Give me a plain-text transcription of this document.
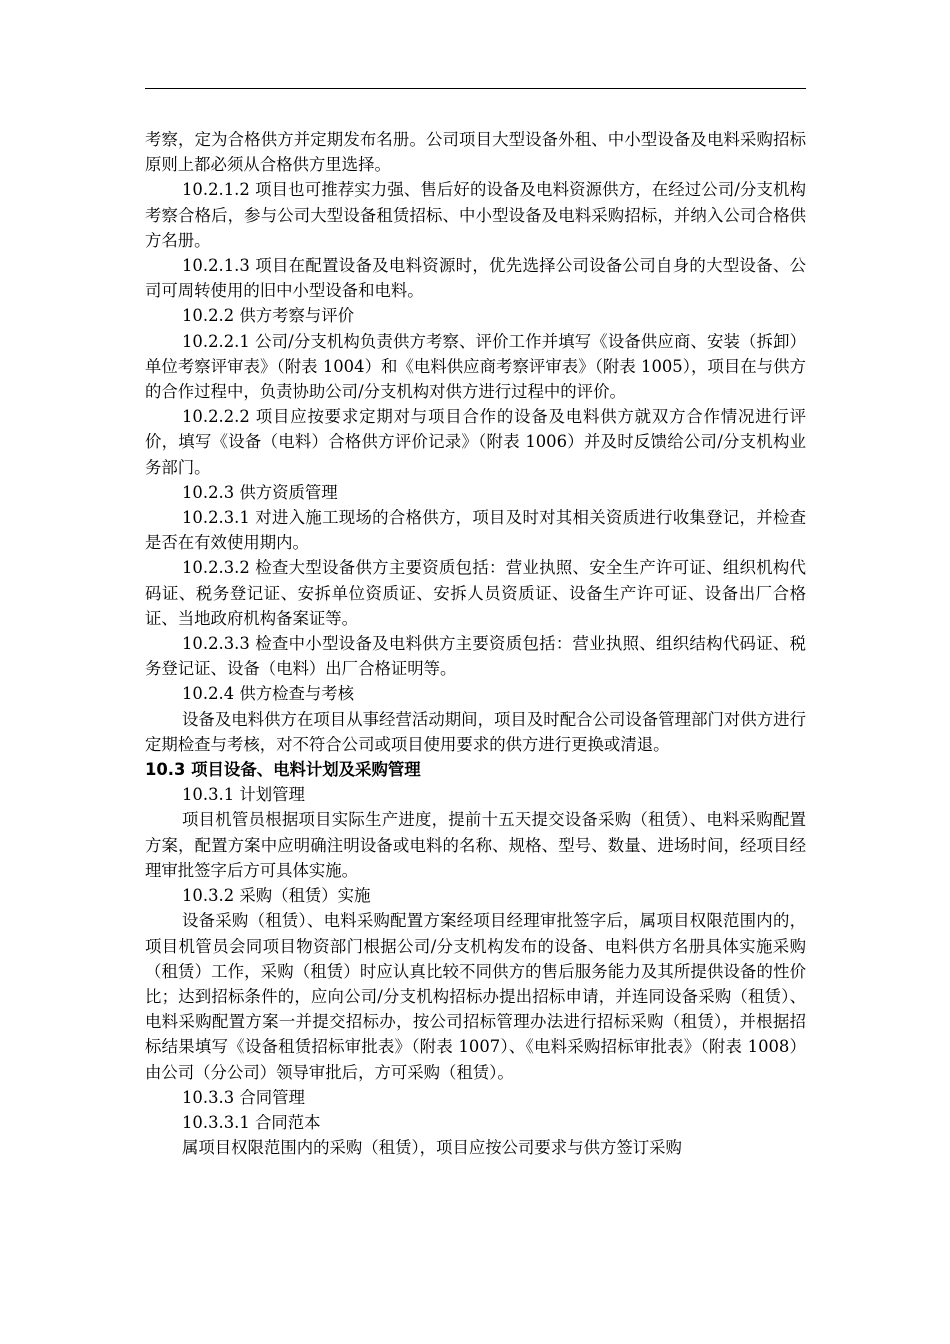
考察，定为合格供方并定期发布名册。公司项目大型设备外租、中小型设备及电料采购招标原则上都必须从合格供方里选择。

10.2.1.2 项目也可推荐实力强、售后好的设备及电料资源供方，在经过公司/分支机构考察合格后，参与公司大型设备租赁招标、中小型设备及电料采购招标，并纳入公司合格供方名册。

10.2.1.3 项目在配置设备及电料资源时，优先选择公司设备公司自身的大型设备、公司可周转使用的旧中小型设备和电料。

10.2.2 供方考察与评价

10.2.2.1 公司/分支机构负责供方考察、评价工作并填写《设备供应商、安装（拆卸）单位考察评审表》（附表 1004）和《电料供应商考察评审表》（附表 1005），项目在与供方的合作过程中，负责协助公司/分支机构对供方进行过程中的评价。

10.2.2.2 项目应按要求定期对与项目合作的设备及电料供方就双方合作情况进行评价，填写《设备（电料）合格供方评价记录》（附表 1006）并及时反馈给公司/分支机构业务部门。

10.2.3 供方资质管理

10.2.3.1 对进入施工现场的合格供方，项目及时对其相关资质进行收集登记，并检查是否在有效使用期内。

10.2.3.2 检查大型设备供方主要资质包括：营业执照、安全生产许可证、组织机构代码证、税务登记证、安拆单位资质证、安拆人员资质证、设备生产许可证、设备出厂合格证、当地政府机构备案证等。

10.2.3.3 检查中小型设备及电料供方主要资质包括：营业执照、组织结构代码证、税务登记证、设备（电料）出厂合格证明等。

10.2.4 供方检查与考核

设备及电料供方在项目从事经营活动期间，项目及时配合公司设备管理部门对供方进行定期检查与考核，对不符合公司或项目使用要求的供方进行更换或清退。

10.3 项目设备、电料计划及采购管理

10.3.1 计划管理

项目机管员根据项目实际生产进度，提前十五天提交设备采购（租赁）、电料采购配置方案，配置方案中应明确注明设备或电料的名称、规格、型号、数量、进场时间，经项目经理审批签字后方可具体实施。

10.3.2 采购（租赁）实施

设备采购（租赁）、电料采购配置方案经项目经理审批签字后，属项目权限范围内的，项目机管员会同项目物资部门根据公司/分支机构发布的设备、电料供方名册具体实施采购（租赁）工作，采购（租赁）时应认真比较不同供方的售后服务能力及其所提供设备的性价比；达到招标条件的，应向公司/分支机构招标办提出招标申请，并连同设备采购（租赁）、电料采购配置方案一并提交招标办，按公司招标管理办法进行招标采购（租赁），并根据招标结果填写《设备租赁招标审批表》（附表 1007）、《电料采购招标审批表》（附表 1008）由公司（分公司）领导审批后，方可采购（租赁）。

10.3.3 合同管理

10.3.3.1 合同范本

属项目权限范围内的采购（租赁），项目应按公司要求与供方签订采购
